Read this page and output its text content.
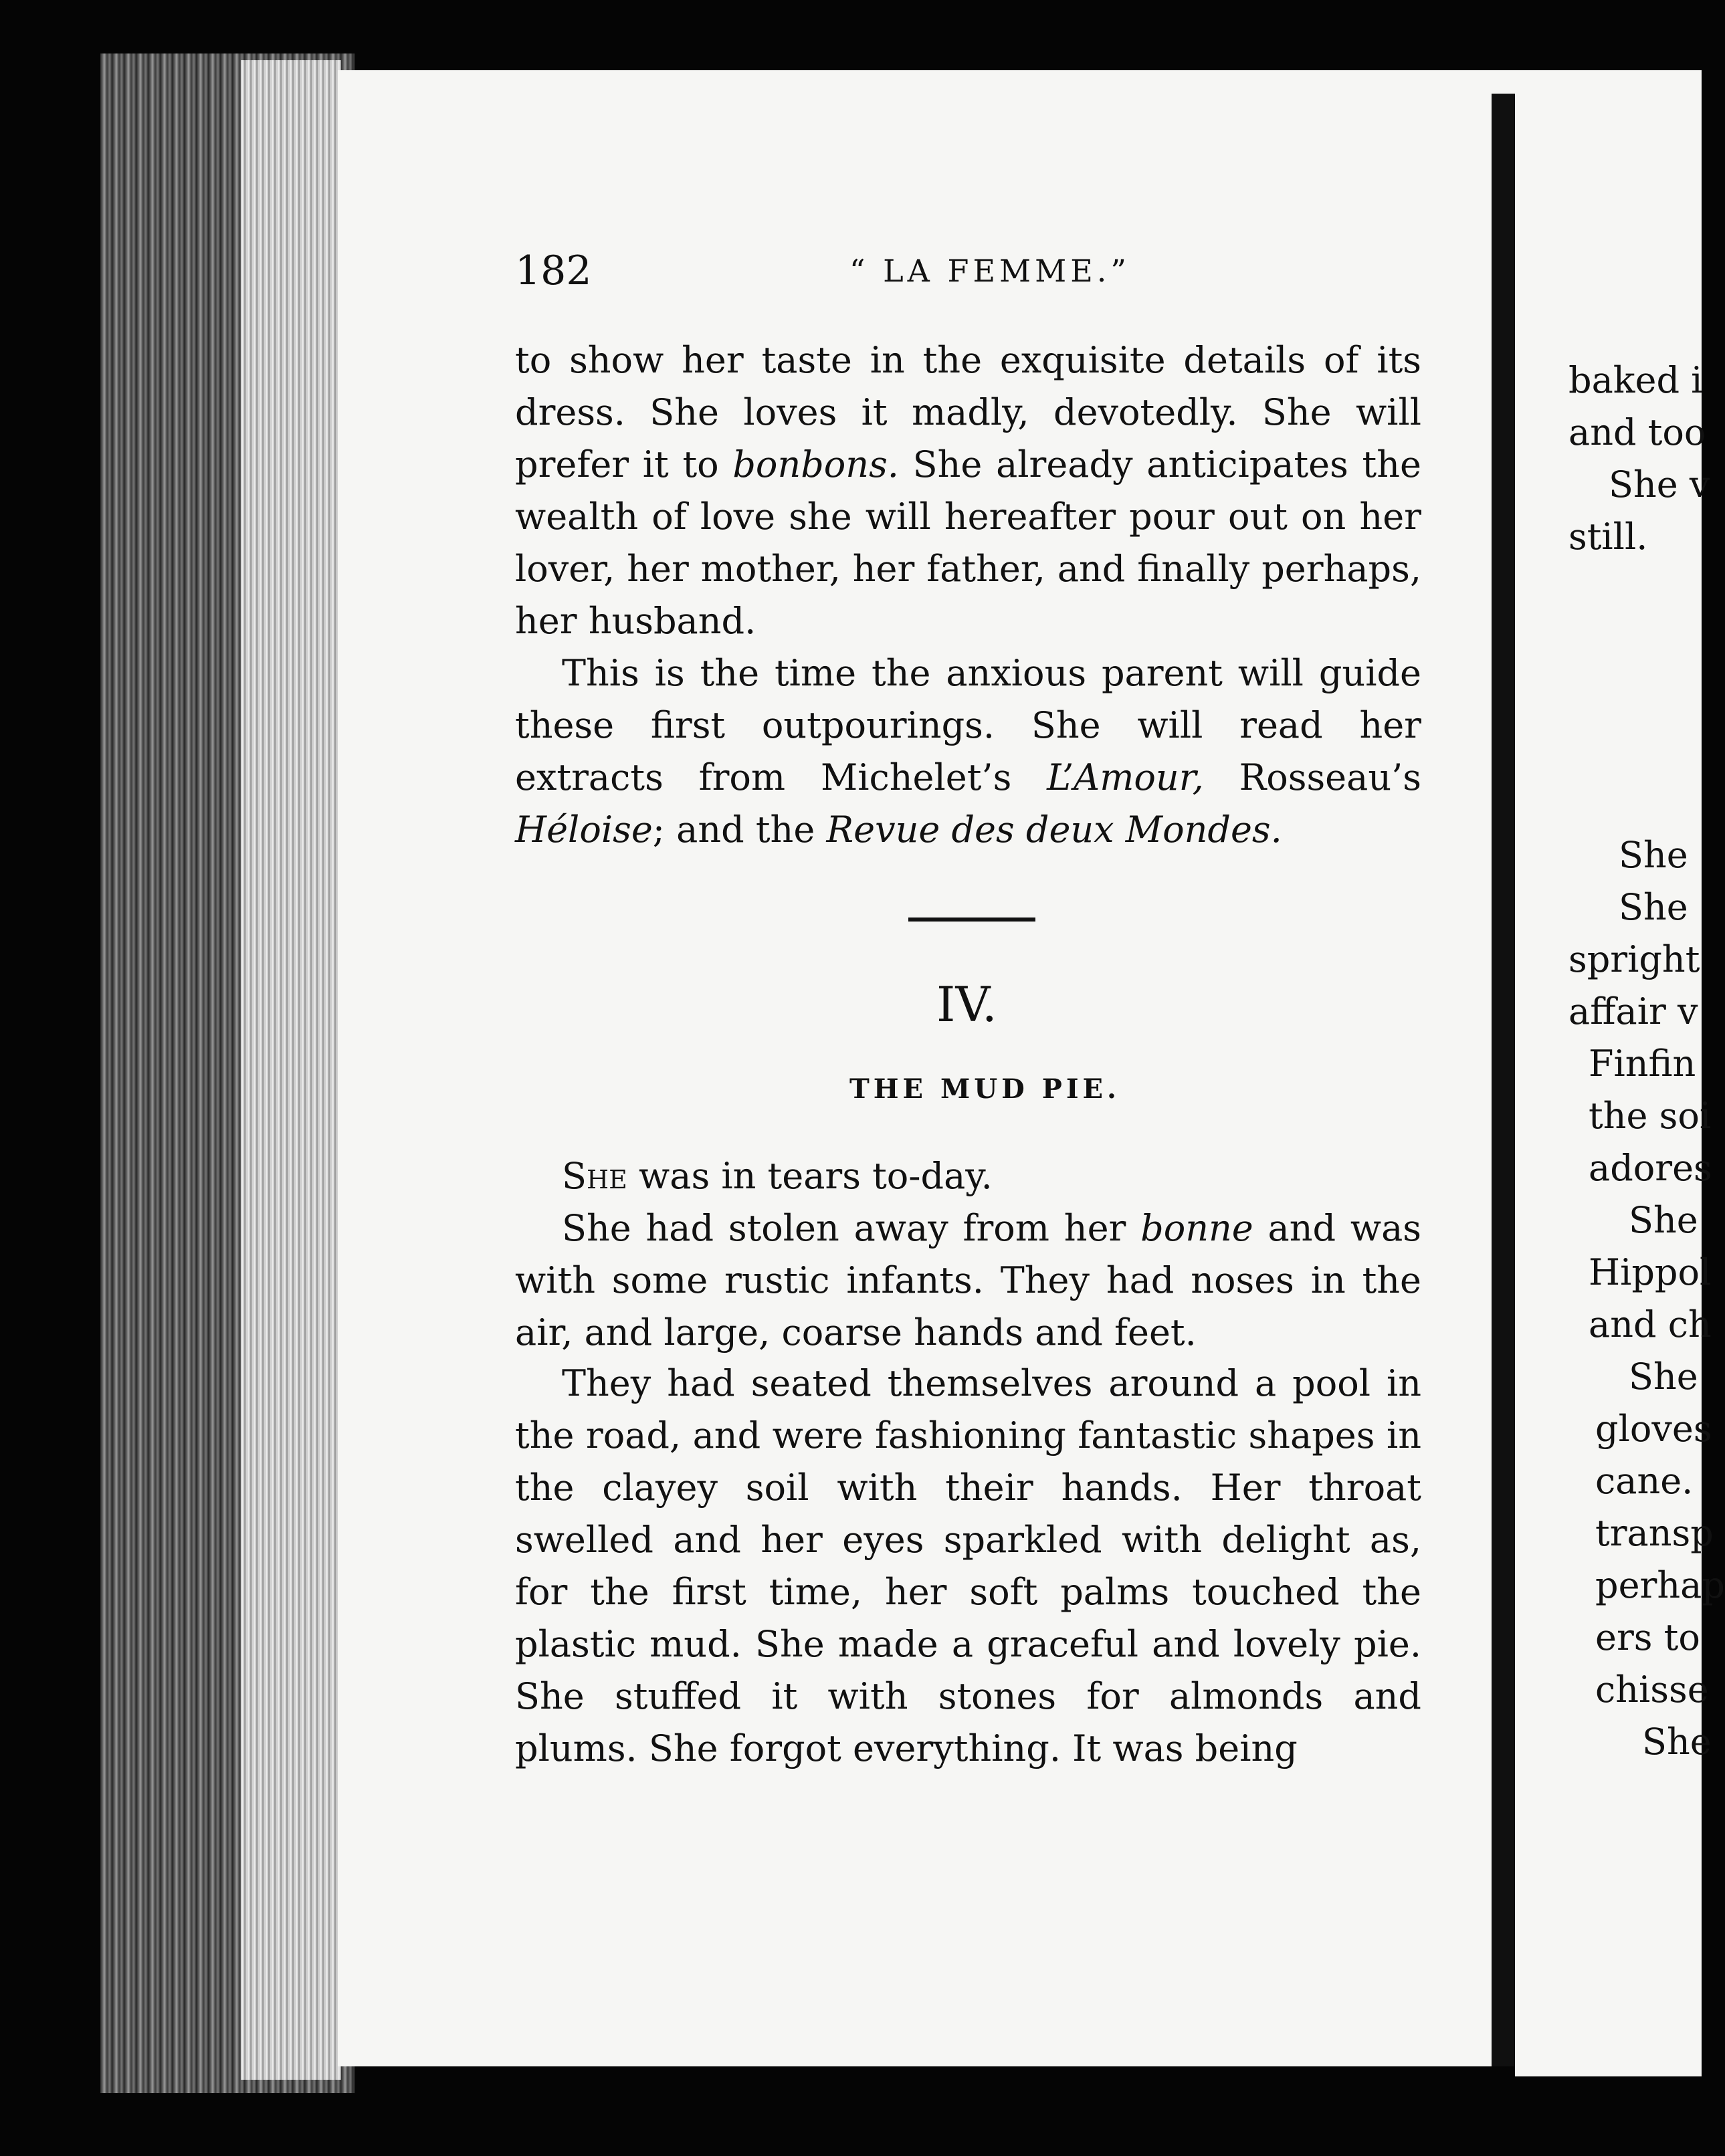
182	“ LA FEMME.”

to show her taste in the exquisite details of its dress. She loves it madly, devotedly. She will prefer it to bonbons. She already anticipates the wealth of love she will hereafter pour out on her lover, her mother, her father, and finally perhaps, her husband.

This is the time the anxious parent will guide these first outpourings. She will read her extracts from Michelet’s L’Amour, Rosseau’s Héloise; and the Revue des deux Mondes.

IV.
THE MUD PIE.

She was in tears to-day.

She had stolen away from her bonne and was with some rustic infants. They had noses in the air, and large, coarse hands and feet.

They had seated themselves around a pool in the road, and were fashioning fantastic shapes in the clayey soil with their hands. Her throat swelled and her eyes sparkled with delight as, for the first time, her soft palms touched the plastic mud. She made a graceful and lovely pie. She stuffed it with stones for almonds and plums. She forgot everything. It was being

baked i
and too
She v
still.
She
She
spright
affair v
Finfin
the soi
adores
She
Hippol
and ch
She
gloves
cane.
transp
perhap
ers to
chisse
She
